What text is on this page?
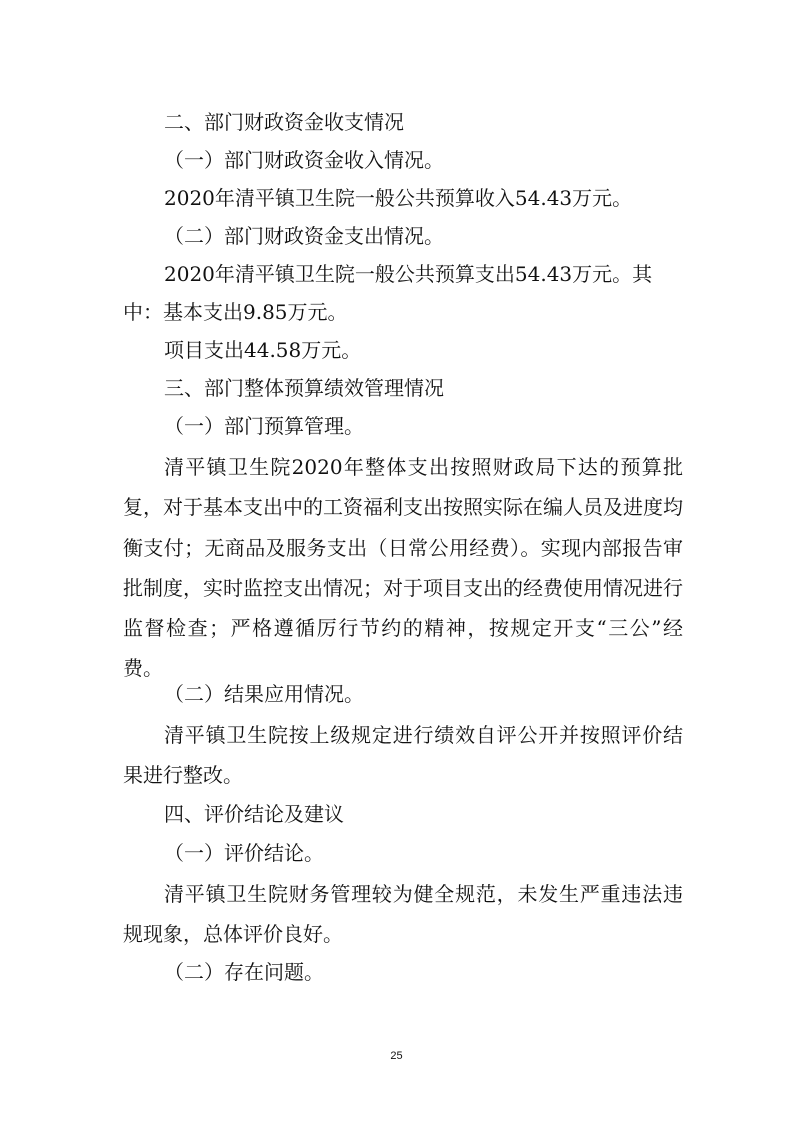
二、部门财政资金收支情况
（一）部门财政资金收入情况。
2020年清平镇卫生院一般公共预算收入54.43万元。
（二）部门财政资金支出情况。
2020年清平镇卫生院一般公共预算支出54.43万元。其
中：基本支出9.85万元。
项目支出44.58万元。
三、部门整体预算绩效管理情况
（一）部门预算管理。
清平镇卫生院2020年整体支出按照财政局下达的预算批复，对于基本支出中的工资福利支出按照实际在编人员及进度均衡支付；无商品及服务支出（日常公用经费）。实现内部报告审批制度，实时监控支出情况；对于项目支出的经费使用情况进行监督检查；严格遵循厉行节约的精神，按规定开支“三公”经费。
（二）结果应用情况。
清平镇卫生院按上级规定进行绩效自评公开并按照评价结果进行整改。
四、评价结论及建议
（一）评价结论。
清平镇卫生院财务管理较为健全规范，未发生严重违法违规现象，总体评价良好。
（二）存在问题。
25
